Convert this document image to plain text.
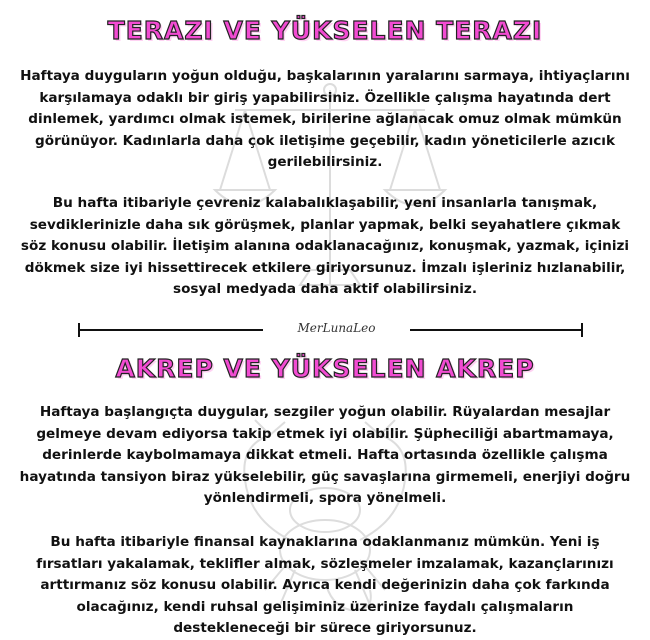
TERAZI VE YÜKSELEN TERAZI

Haftaya duyguların yoğun olduğu, başkalarının yaralarını sarmaya, ihtiyaçlarını karşılamaya odaklı bir giriş yapabilirsiniz. Özellikle çalışma hayatında dert dinlemek, yardımcı olmak istemek, birilerine ağlanacak omuz olmak mümkün görünüyor. Kadınlarla daha çok iletişime geçebilir, kadın yöneticilerle azıcık gerilebilirsiniz.

Bu hafta itibariyle çevreniz kalabalıklaşabilir, yeni insanlarla tanışmak, sevdiklerinizle daha sık görüşmek, planlar yapmak, belki seyahatlere çıkmak söz konusu olabilir. İletişim alanına odaklanacağınız, konuşmak, yazmak, içinizi dökmek size iyi hissettirecek etkilere giriyorsunuz. İmzalı işleriniz hızlanabilir, sosyal medyada daha aktif olabilirsiniz.

MerLunaLeo
AKREP VE YÜKSELEN AKREP

Haftaya başlangıçta duygular, sezgiler yoğun olabilir. Rüyalardan mesajlar gelmeye devam ediyorsa takip etmek iyi olabilir. Şüpheciliği abartmamaya, derinlerde kaybolmamaya dikkat etmeli. Hafta ortasında özellikle çalışma hayatında tansiyon biraz yükselebilir, güç savaşlarına girmemeli, enerjiyi doğru yönlendirmeli, spora yönelmeli.

Bu hafta itibariyle finansal kaynaklarına odaklanmanız mümkün. Yeni iş fırsatları yakalamak, teklifler almak, sözleşmeler imzalamak, kazançlarınızı arttırmanız söz konusu olabilir. Ayrıca kendi değerinizin daha çok farkında olacağınız, kendi ruhsal gelişiminiz üzerinize faydalı çalışmaların destekleneceği bir sürece giriyorsunuz.
